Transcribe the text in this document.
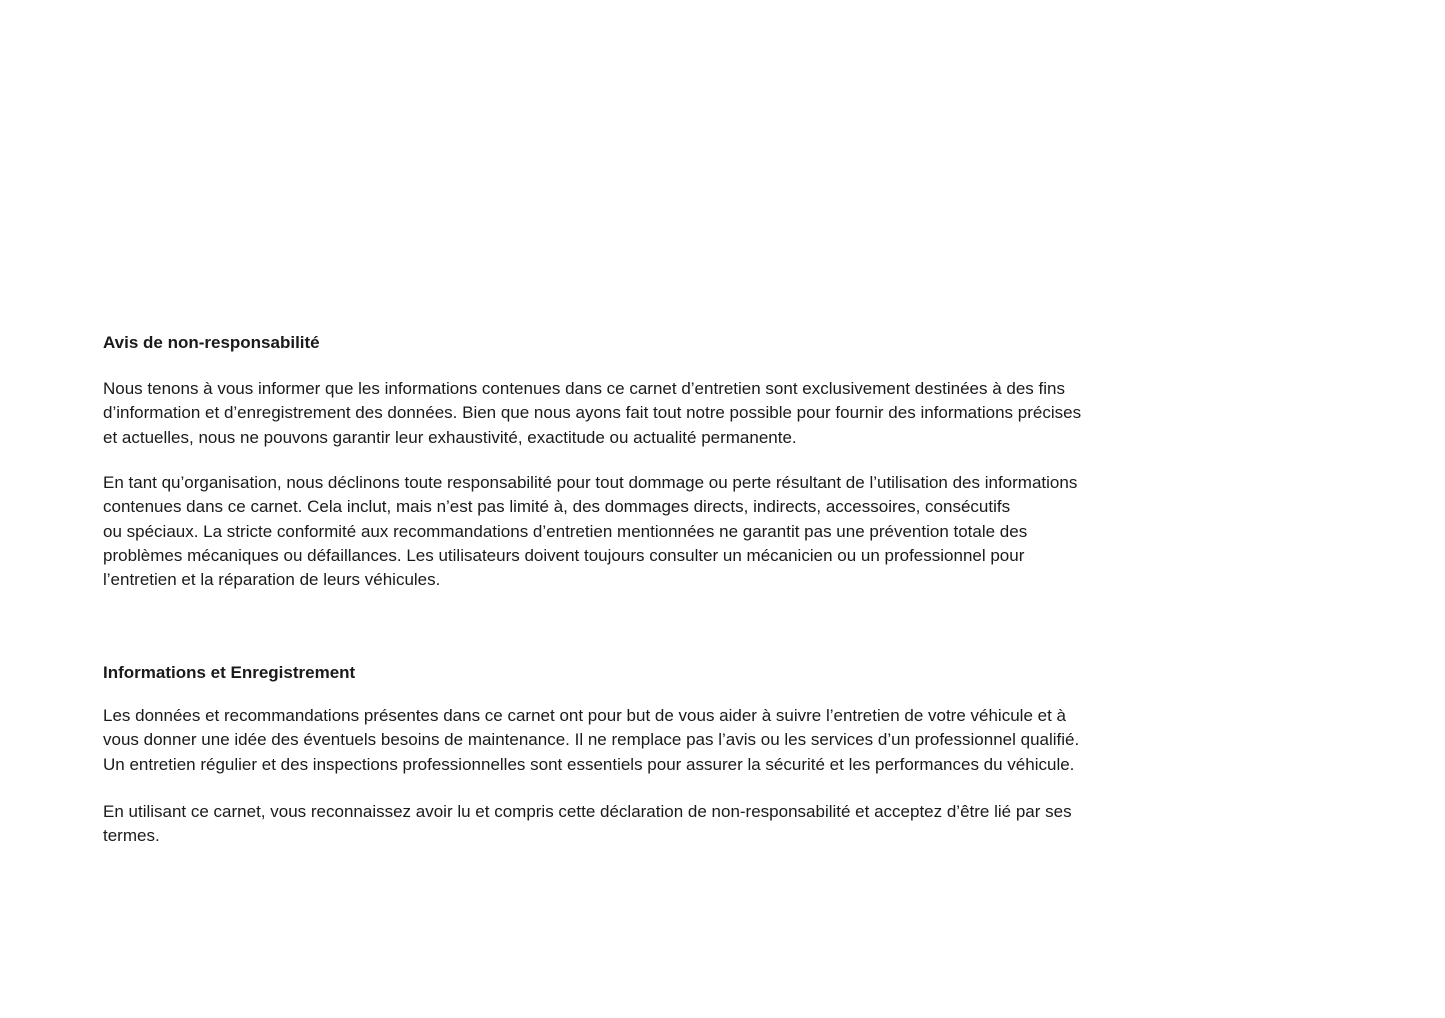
Avis de non-responsabilité
Nous tenons à vous informer que les informations contenues dans ce carnet d’entretien sont exclusivement destinées à des fins
d’information et d’enregistrement des données. Bien que nous ayons fait tout notre possible pour fournir des informations précises
et actuelles, nous ne pouvons garantir leur exhaustivité, exactitude ou actualité permanente.
En tant qu’organisation, nous déclinons toute responsabilité pour tout dommage ou perte résultant de l’utilisation des informations
contenues dans ce carnet. Cela inclut, mais n’est pas limité à, des dommages directs, indirects, accessoires, consécutifs
ou spéciaux. La stricte conformité aux recommandations d’entretien mentionnées ne garantit pas une prévention totale des
problèmes mécaniques ou défaillances. Les utilisateurs doivent toujours consulter un mécanicien ou un professionnel pour
l’entretien et la réparation de leurs véhicules.
Informations et Enregistrement
Les données et recommandations présentes dans ce carnet ont pour but de vous aider à suivre l’entretien de votre véhicule et à
vous donner une idée des éventuels besoins de maintenance. Il ne remplace pas l’avis ou les services d’un professionnel qualifié.
Un entretien régulier et des inspections professionnelles sont essentiels pour assurer la sécurité et les performances du véhicule.
En utilisant ce carnet, vous reconnaissez avoir lu et compris cette déclaration de non-responsabilité et acceptez d’être lié par ses
termes.
